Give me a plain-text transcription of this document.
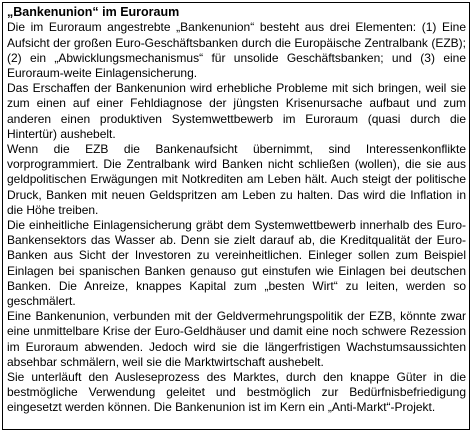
„Bankenunion“ im Euroraum

Die im Euroraum angestrebte „Bankenunion“ besteht aus drei Elementen: (1) Eine Aufsicht der großen Euro-Geschäftsbanken durch die Europäische Zentralbank (EZB); (2) ein „Abwicklungsmechanismus“ für unsolide Geschäftsbanken; und (3) eine Euroraum-weite Einlagensicherung.

Das Erschaffen der Bankenunion wird erhebliche Probleme mit sich bringen, weil sie zum einen auf einer Fehldiagnose der jüngsten Krisenursache aufbaut und zum anderen einen produktiven Systemwettbewerb im Euroraum (quasi durch die Hintertür) aushebelt.

Wenn die EZB die Bankenaufsicht übernimmt, sind Interessenkonflikte vorprogrammiert. Die Zentralbank wird Banken nicht schließen (wollen), die sie aus geldpolitischen Erwägungen mit Notkrediten am Leben hält. Auch steigt der politische Druck, Banken mit neuen Geldspritzen am Leben zu halten. Das wird die Inflation in die Höhe treiben.

Die einheitliche Einlagensicherung gräbt dem Systemwettbewerb innerhalb des Euro-Bankensektors das Wasser ab. Denn sie zielt darauf ab, die Kreditqualität der Euro-Banken aus Sicht der Investoren zu vereinheitlichen. Einleger sollen zum Beispiel Einlagen bei spanischen Banken genauso gut einstufen wie Einlagen bei deutschen Banken. Die Anreize, knappes Kapital zum „besten Wirt“ zu leiten, werden so geschmälert.

Eine Bankenunion, verbunden mit der Geldvermehrungspolitik der EZB, könnte zwar eine unmittelbare Krise der Euro-Geldhäuser und damit eine noch schwere Rezession im Euroraum abwenden. Jedoch wird sie die längerfristigen Wachstumsaussichten absehbar schmälern, weil sie die Marktwirtschaft aushebelt.

Sie unterläuft den Ausleseprozess des Marktes, durch den knappe Güter in die bestmögliche Verwendung geleitet und bestmöglich zur Bedürfnisbefriedigung eingesetzt werden können. Die Bankenunion ist im Kern ein „Anti-Markt“-Projekt.
